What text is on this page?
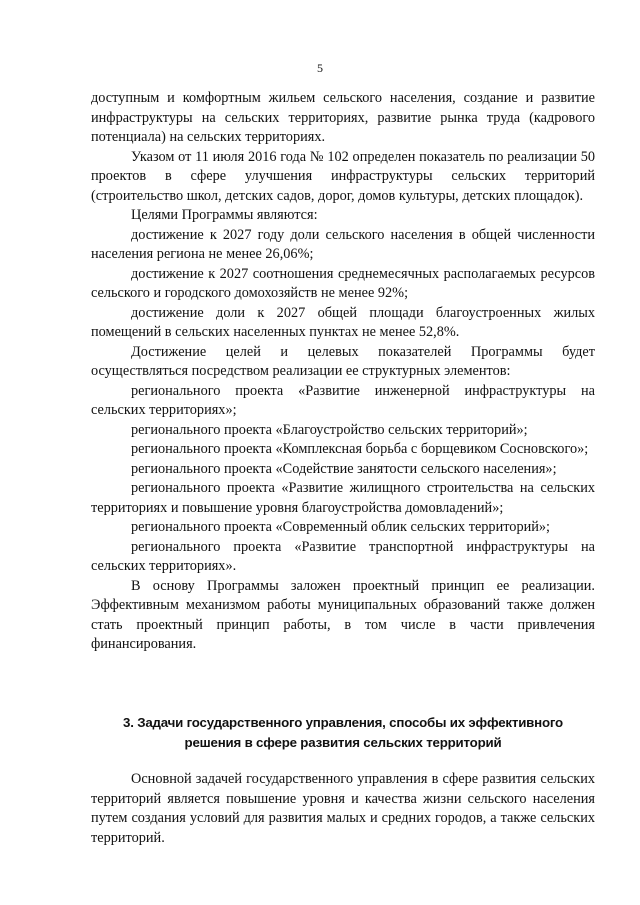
5

доступным и комфортным жильем сельского населения, создание и развитие инфраструктуры на сельских территориях, развитие рынка труда (кадрового потенциала) на сельских территориях.

Указом от 11 июля 2016 года № 102 определен показатель по реализации 50 проектов в сфере улучшения инфраструктуры сельских территорий (строительство школ, детских садов, дорог, домов культуры, детских площадок).

Целями Программы являются:

достижение к 2027 году доли сельского населения в общей численности населения региона не менее 26,06%;

достижение к 2027 соотношения среднемесячных располагаемых ресурсов сельского и городского домохозяйств не менее 92%;

достижение доли к 2027 общей площади благоустроенных жилых помещений в сельских населенных пунктах не менее 52,8%.

Достижение целей и целевых показателей Программы будет осуществляться посредством реализации ее структурных элементов:

регионального проекта «Развитие инженерной инфраструктуры на сельских территориях»;

регионального проекта «Благоустройство сельских территорий»;

регионального проекта «Комплексная борьба с борщевиком Сосновского»;

регионального проекта «Содействие занятости сельского населения»;

регионального проекта «Развитие жилищного строительства на сельских территориях и повышение уровня благоустройства домовладений»;

регионального проекта «Современный облик сельских территорий»;

регионального проекта «Развитие транспортной инфраструктуры на сельских территориях».

В основу Программы заложен проектный принцип ее реализации. Эффективным механизмом работы муниципальных образований также должен стать проектный принцип работы, в том числе в части привлечения финансирования.

3. Задачи государственного управления, способы их эффективного
решения в сфере развития сельских территорий

Основной задачей государственного управления в сфере развития сельских территорий является повышение уровня и качества жизни сельского населения путем создания условий для развития малых и средних городов, а также сельских территорий.
